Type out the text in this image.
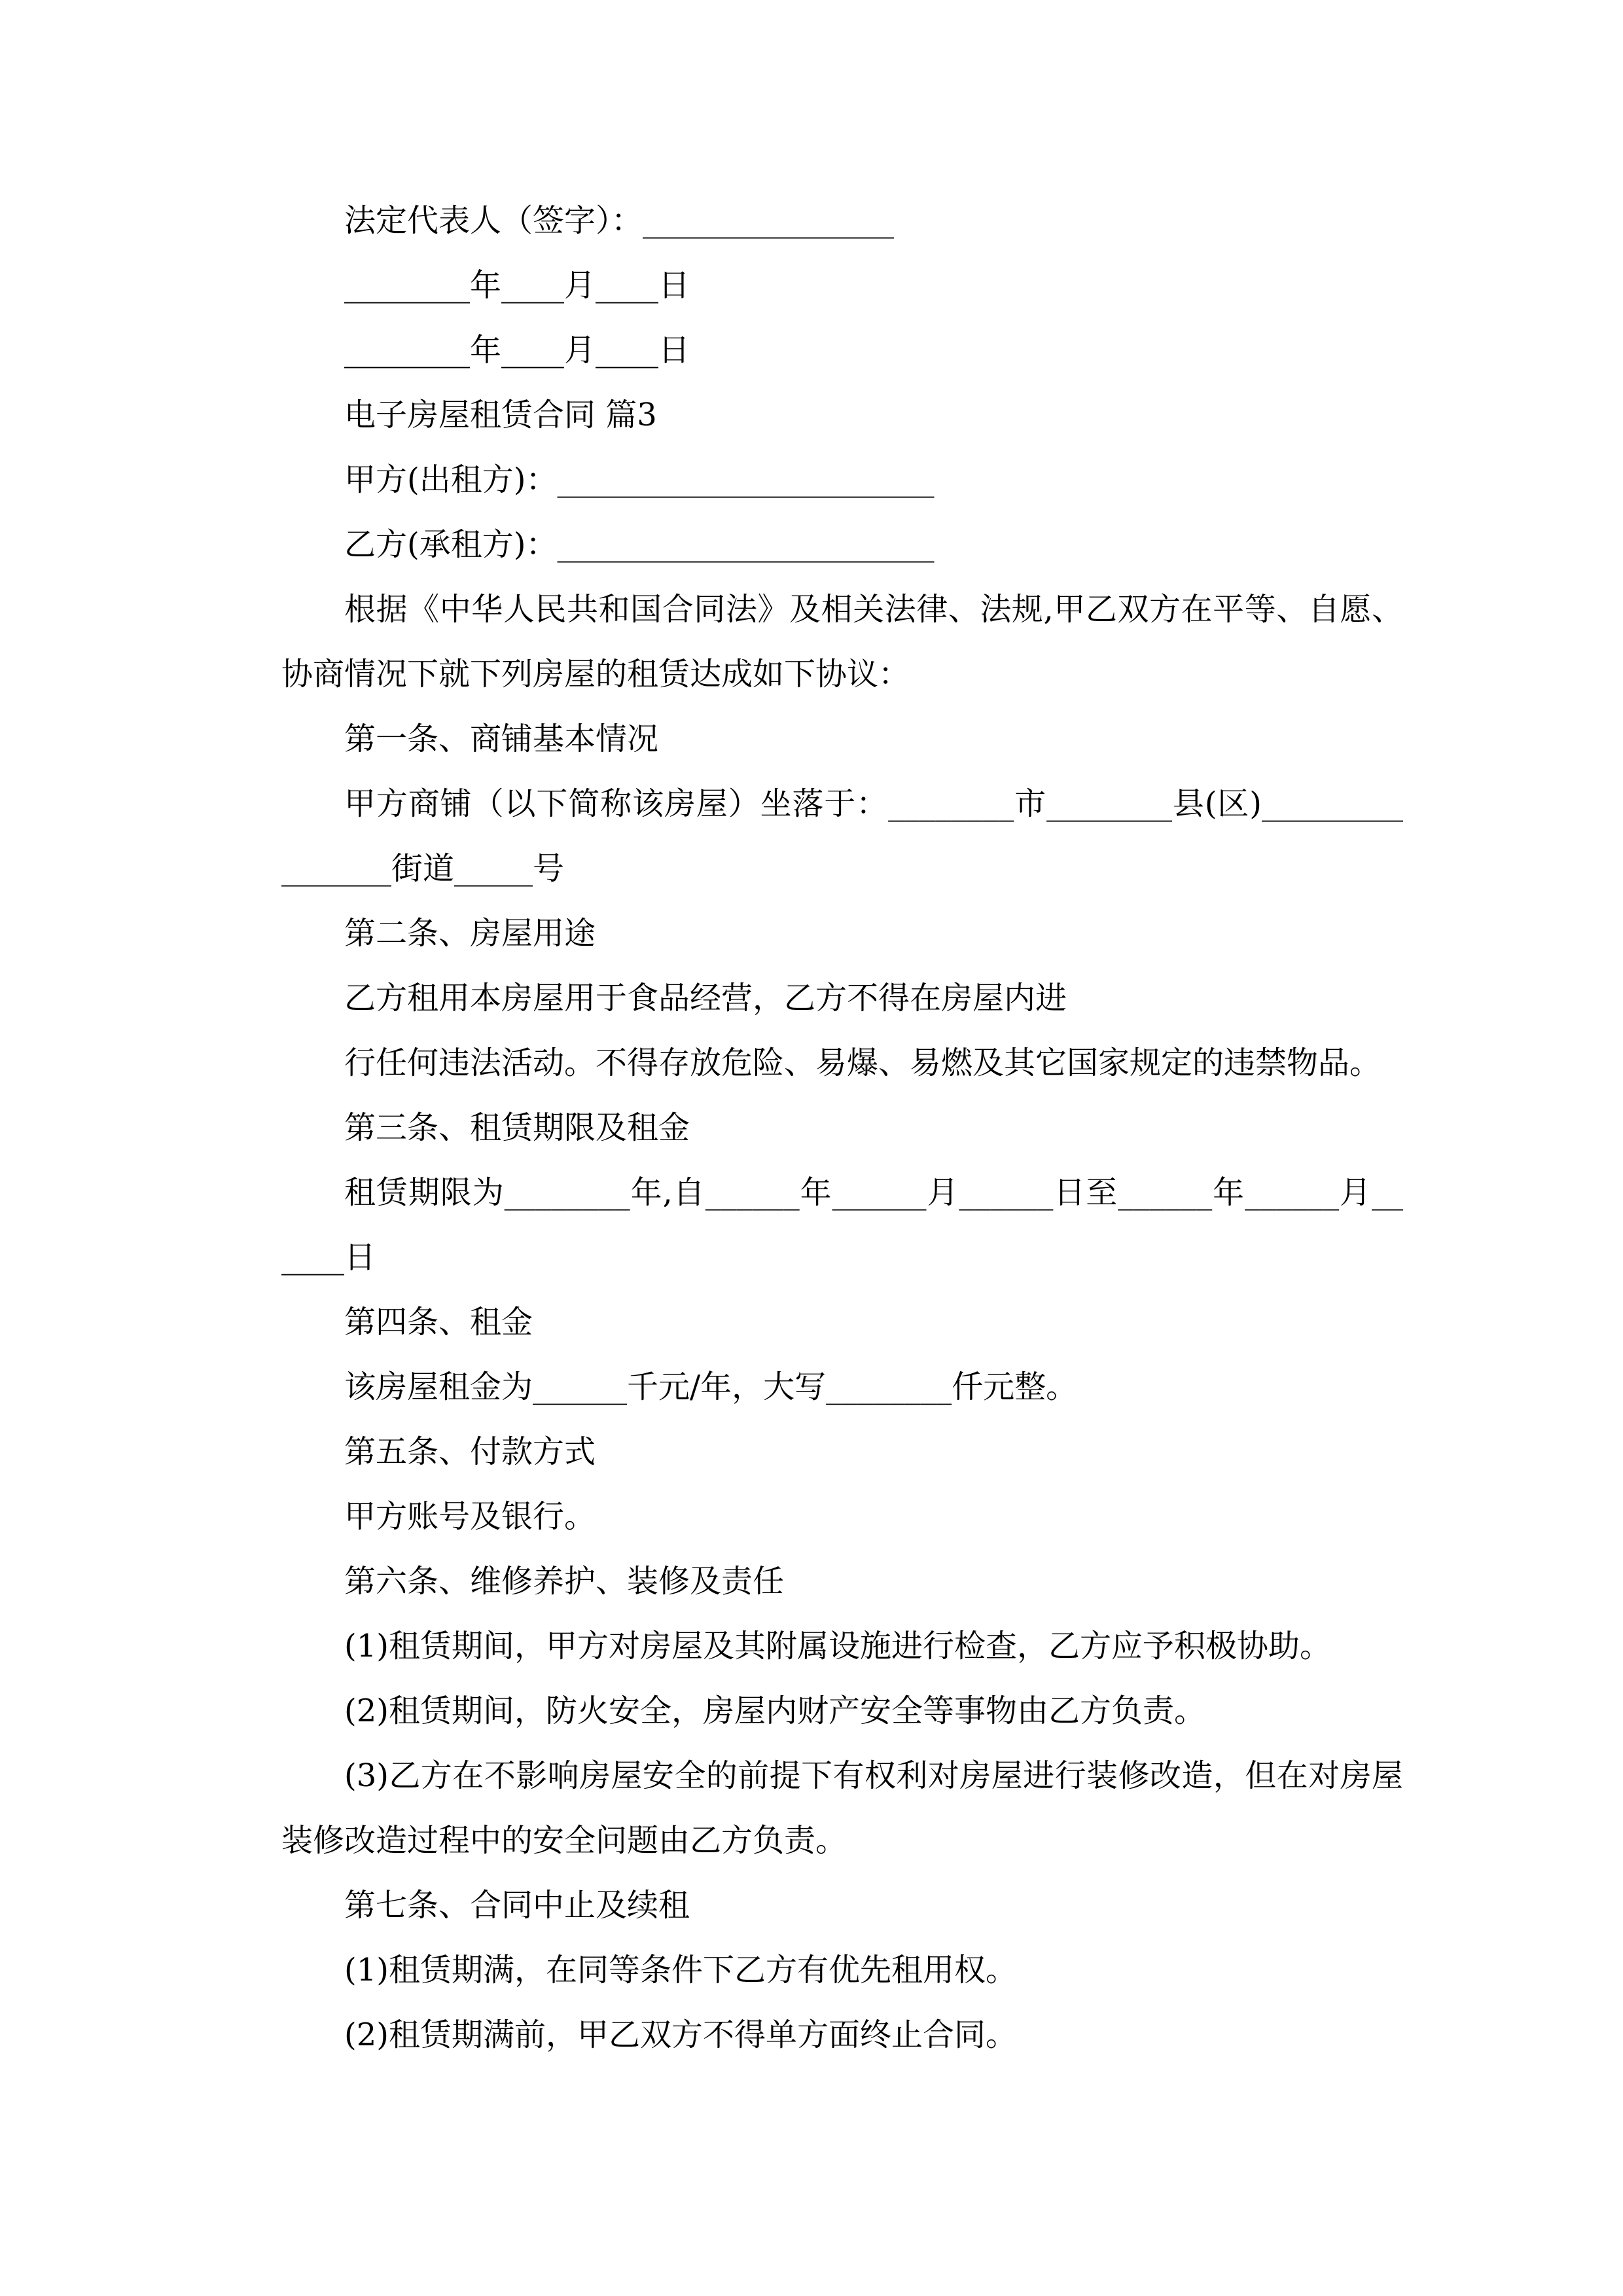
法定代表人（签字）：________________

________年____月____日

________年____月____日

电子房屋租赁合同 篇3

甲方(出租方)：________________________

乙方(承租方)：________________________

根据《中华人民共和国合同法》及相关法律、法规,甲乙双方在平等、自愿、协商情况下就下列房屋的租赁达成如下协议：

第一条、商铺基本情况

甲方商铺（以下简称该房屋）坐落于：________市________县(区)________________街道_____号

第二条、房屋用途

乙方租用本房屋用于食品经营，乙方不得在房屋内进

行任何违法活动。不得存放危险、易爆、易燃及其它国家规定的违禁物品。

第三条、租赁期限及租金

租赁期限为________年,自______年______月______日至______年______月______日

第四条、租金

该房屋租金为______千元/年，大写________仟元整。

第五条、付款方式

甲方账号及银行。

第六条、维修养护、装修及责任

(1)租赁期间，甲方对房屋及其附属设施进行检查，乙方应予积极协助。

(2)租赁期间，防火安全，房屋内财产安全等事物由乙方负责。

(3)乙方在不影响房屋安全的前提下有权利对房屋进行装修改造，但在对房屋装修改造过程中的安全问题由乙方负责。

第七条、合同中止及续租

(1)租赁期满，在同等条件下乙方有优先租用权。

(2)租赁期满前，甲乙双方不得单方面终止合同。
